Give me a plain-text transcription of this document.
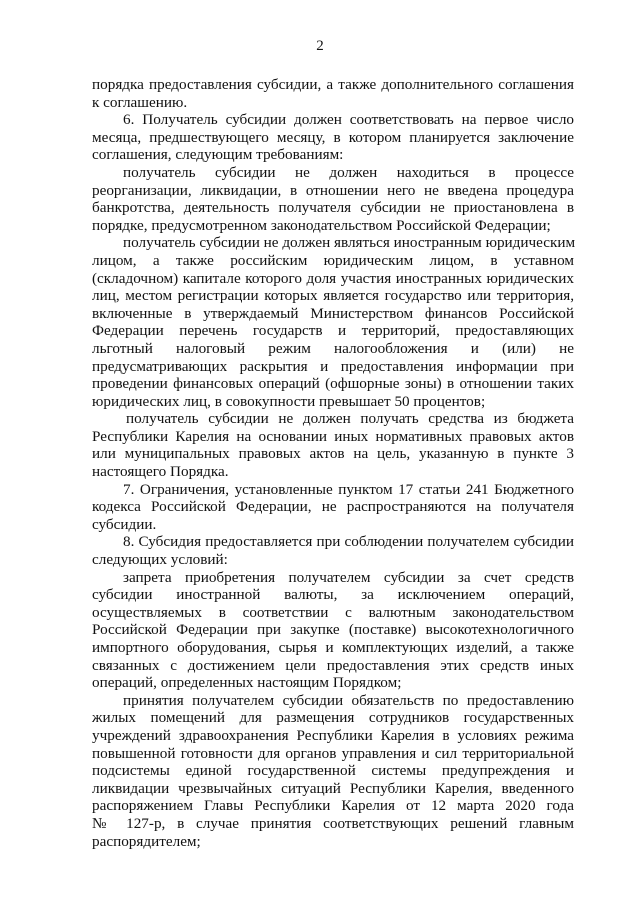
2
порядка предоставления субсидии, а также дополнительного соглашения
к соглашению.
6. Получатель субсидии должен соответствовать на первое число
месяца, предшествующего месяцу, в котором планируется заключение
соглашения, следующим требованиям:
получатель субсидии не должен находиться в процессе
реорганизации, ликвидации, в отношении него не введена процедура
банкротства, деятельность получателя субсидии не приостановлена в
порядке, предусмотренном законодательством Российской Федерации;
получатель субсидии не должен являться иностранным юридическим
лицом, а также российским юридическим лицом, в уставном
(складочном) капитале которого доля участия иностранных юридических
лиц, местом регистрации которых является государство или территория,
включенные в утверждаемый Министерством финансов Российской
Федерации перечень государств и территорий, предоставляющих
льготный налоговый режим налогообложения и (или) не
предусматривающих раскрытия и предоставления информации при
проведении финансовых операций (офшорные зоны) в отношении таких
юридических лиц, в совокупности превышает 50 процентов;
получатель субсидии не должен получать средства из бюджета
Республики Карелия на основании иных нормативных правовых актов
или муниципальных правовых актов на цель, указанную в пункте 3
настоящего Порядка.
7. Ограничения, установленные пунктом 17 статьи 241 Бюджетного
кодекса Российской Федерации, не распространяются на получателя
субсидии.
8. Субсидия предоставляется при соблюдении получателем субсидии
следующих условий:
запрета приобретения получателем субсидии за счет средств
субсидии иностранной валюты, за исключением операций,
осуществляемых в соответствии с валютным законодательством
Российской Федерации при закупке (поставке) высокотехнологичного
импортного оборудования, сырья и комплектующих изделий, а также
связанных с достижением цели предоставления этих средств иных
операций, определенных настоящим Порядком;
принятия получателем субсидии обязательств по предоставлению
жилых помещений для размещения сотрудников государственных
учреждений здравоохранения Республики Карелия в условиях режима
повышенной готовности для органов управления и сил территориальной
подсистемы единой государственной системы предупреждения и
ликвидации чрезвычайных ситуаций Республики Карелия, введенного
распоряжением Главы Республики Карелия от 12 марта 2020 года
№ 127-р, в случае принятия соответствующих решений главным
распорядителем;
